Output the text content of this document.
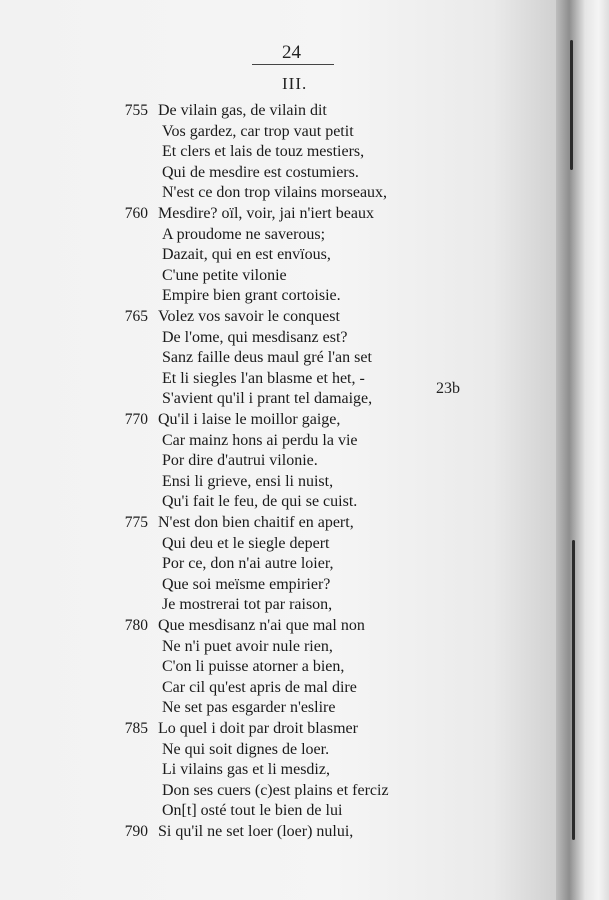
24
III.
23b
755 De vilain gas, de vilain dit
Vos gardez, car trop vaut petit
Et clers et lais de touz mestiers,
Qui de mesdire est costumiers.
N'est ce don trop vilains morseaux,
760 Mesdire? oïl, voir, jai n'iert beaux
A proudome ne saverous;
Dazait, qui en est envïous,
C'une petite vilonie
Empire bien grant cortoisie.
765 Volez vos savoir le conquest
De l'ome, qui mesdisanz est?
Sanz faille deus maul gré l'an set
Et li siegles l'an blasme et het, -
S'avient qu'il i prant tel damaige,
770 Qu'il i laise le moillor gaige,
Car mainz hons ai perdu la vie
Por dire d'autrui vilonie.
Ensi li grieve, ensi li nuist,
Qu'i fait le feu, de qui se cuist.
775 N'est don bien chaitif en apert,
Qui deu et le siegle depert
Por ce, don n'ai autre loier,
Que soi meïsme empirier?
Je mostrerai tot par raison,
780 Que mesdisanz n'ai que mal non
Ne n'i puet avoir nule rien,
C'on li puisse atorner a bien,
Car cil qu'est apris de mal dire
Ne set pas esgarder n'eslire
785 Lo quel i doit par droit blasmer
Ne qui soit dignes de loer.
Li vilains gas et li mesdiz,
Don ses cuers (c)est plains et ferciz
On[t] osté tout le bien de lui
790 Si qu'il ne set loer (loer) nului,
